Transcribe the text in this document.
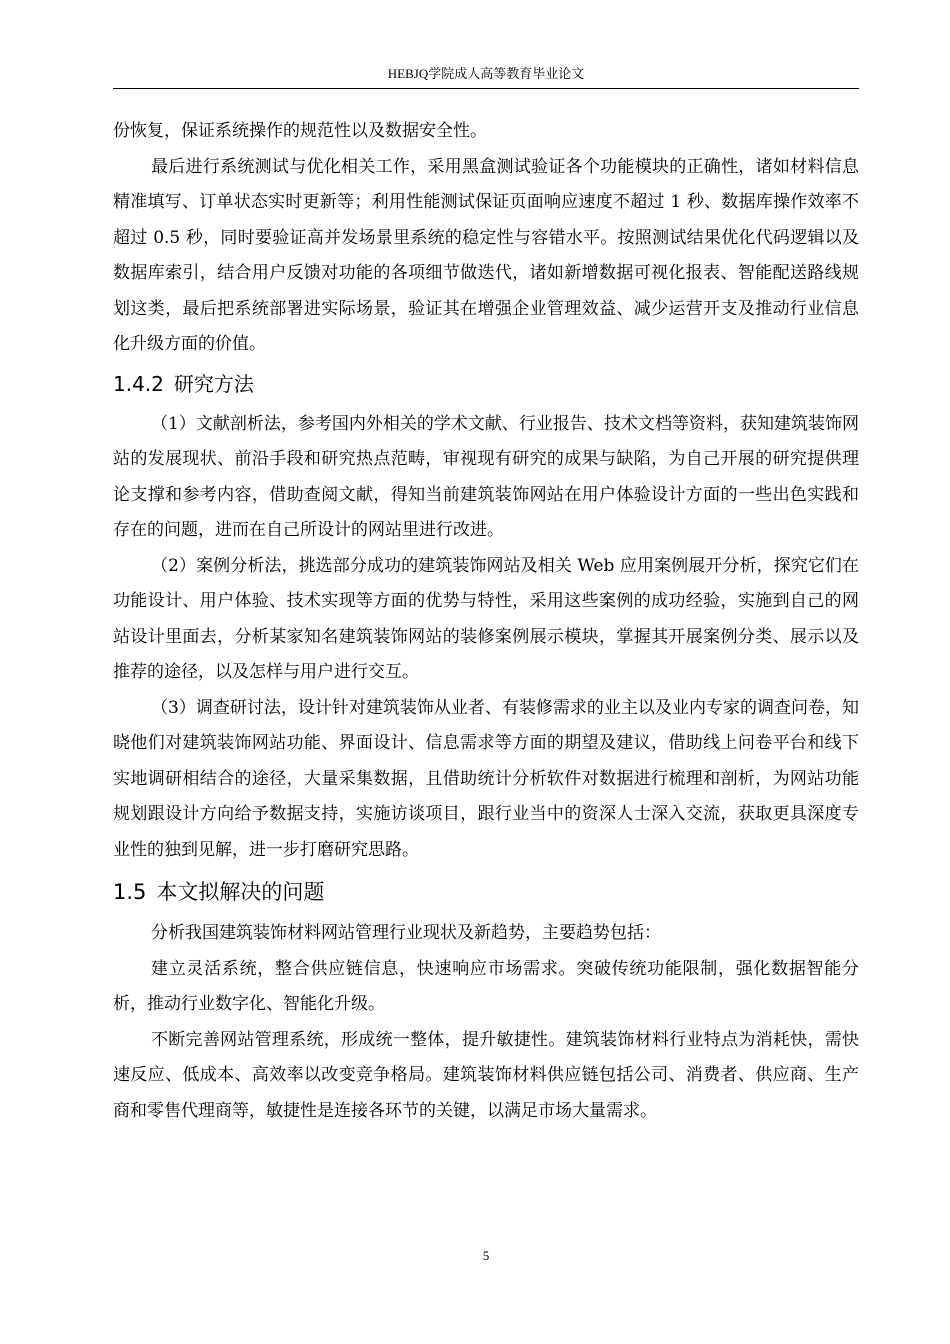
HEBJQ学院成人高等教育毕业论文

份恢复，保证系统操作的规范性以及数据安全性。

最后进行系统测试与优化相关工作，采用黑盒测试验证各个功能模块的正确性，诸如材料信息精准填写、订单状态实时更新等；利用性能测试保证页面响应速度不超过 1 秒、数据库操作效率不超过 0.5 秒，同时要验证高并发场景里系统的稳定性与容错水平。按照测试结果优化代码逻辑以及数据库索引，结合用户反馈对功能的各项细节做迭代，诸如新增数据可视化报表、智能配送路线规划这类，最后把系统部署进实际场景，验证其在增强企业管理效益、减少运营开支及推动行业信息化升级方面的价值。

1.4.2 研究方法

（1）文献剖析法，参考国内外相关的学术文献、行业报告、技术文档等资料，获知建筑装饰网站的发展现状、前沿手段和研究热点范畴，审视现有研究的成果与缺陷，为自己开展的研究提供理论支撑和参考内容，借助查阅文献，得知当前建筑装饰网站在用户体验设计方面的一些出色实践和存在的问题，进而在自己所设计的网站里进行改进。

（2）案例分析法，挑选部分成功的建筑装饰网站及相关 Web 应用案例展开分析，探究它们在功能设计、用户体验、技术实现等方面的优势与特性，采用这些案例的成功经验，实施到自己的网站设计里面去，分析某家知名建筑装饰网站的装修案例展示模块，掌握其开展案例分类、展示以及推荐的途径，以及怎样与用户进行交互。

（3）调查研讨法，设计针对建筑装饰从业者、有装修需求的业主以及业内专家的调查问卷，知晓他们对建筑装饰网站功能、界面设计、信息需求等方面的期望及建议，借助线上问卷平台和线下实地调研相结合的途径，大量采集数据，且借助统计分析软件对数据进行梳理和剖析，为网站功能规划跟设计方向给予数据支持，实施访谈项目，跟行业当中的资深人士深入交流，获取更具深度专业性的独到见解，进一步打磨研究思路。

1.5 本文拟解决的问题

分析我国建筑装饰材料网站管理行业现状及新趋势，主要趋势包括：

建立灵活系统，整合供应链信息，快速响应市场需求。突破传统功能限制，强化数据智能分析，推动行业数字化、智能化升级。

不断完善网站管理系统，形成统一整体，提升敏捷性。建筑装饰材料行业特点为消耗快，需快速反应、低成本、高效率以改变竞争格局。建筑装饰材料供应链包括公司、消费者、供应商、生产商和零售代理商等，敏捷性是连接各环节的关键，以满足市场大量需求。

5
